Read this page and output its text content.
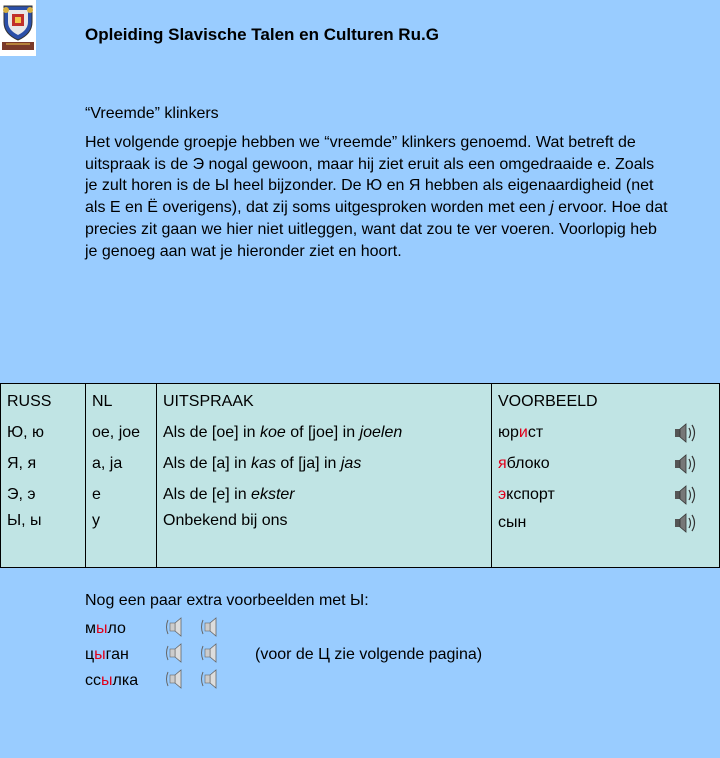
Opleiding Slavische Talen en Culturen Ru.G
“Vreemde” klinkers

Het volgende groepje hebben we “vreemde” klinkers genoemd. Wat betreft de uitspraak is de Э nogal gewoon, maar hij ziet eruit als een omgedraaide e. Zoals je zult horen is de Ы heel bijzonder. De Ю en Я hebben als eigenaardigheid (net als Е en Ё overigens), dat zij soms uitgesproken worden met een j ervoor. Hoe dat precies zit gaan we hier niet uitleggen, want dat zou te ver voeren. Voorlopig heb je genoeg aan wat je hieronder ziet en hoort.

RUSS	NL	UITSPRAAK	VOORBEELD
Ю, ю	oe, joe	Als de [oe] in koe of [joe] in joelen	юрист

Я, я	a, ja	Als de [a] in kas of [ja] in jas	яблоко

Э, э	e	Als de [e] in ekster	экспорт

Ы, ы	y	Onbekend bij ons	сын
Nog een paar extra voorbeelden met Ы:
мыло
цыган	(voor de Ц zie volgende pagina)
ссылка
